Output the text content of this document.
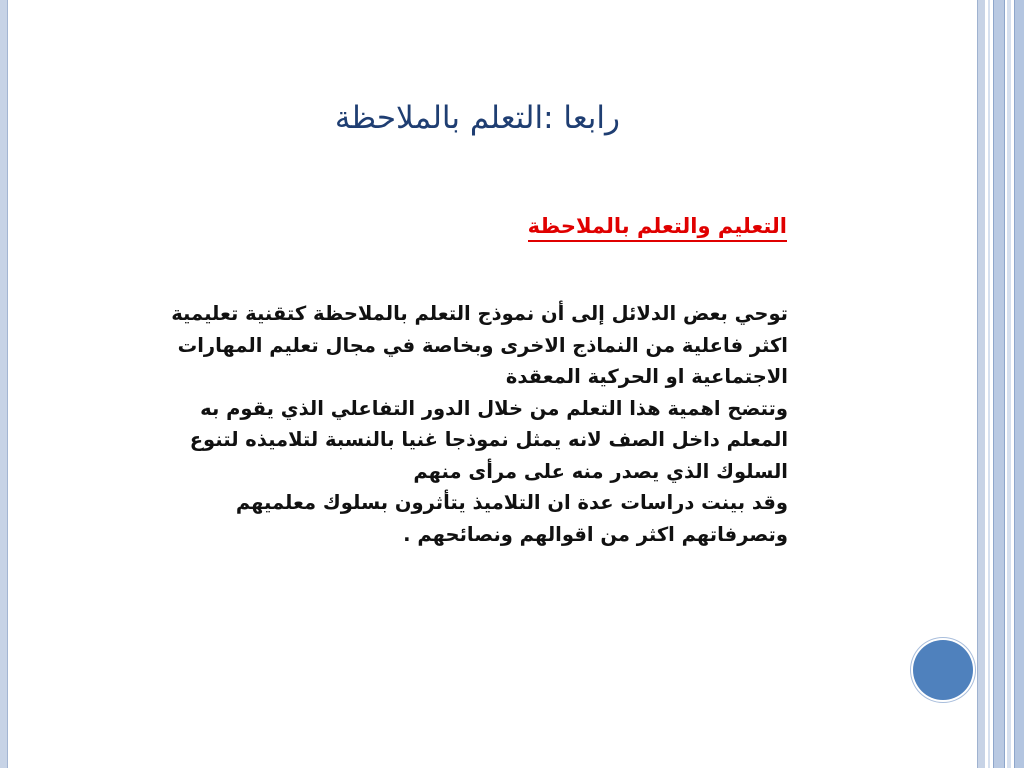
رابعا :التعلم بالملاحظة

التعليم والتعلم بالملاحظة

توحي بعض الدلائل إلى أن نموذج التعلم بالملاحظة كتقنية تعليمية
اكثر فاعلية من النماذج الاخرى وبخاصة في مجال تعليم المهارات
الاجتماعية او الحركية المعقدة
وتتضح اهمية هذا التعلم من خلال الدور التفاعلي الذي يقوم به
المعلم داخل الصف لانه يمثل نموذجا غنيا بالنسبة لتلاميذه لتنوع
السلوك الذي يصدر منه على مرأى منهم
وقد بينت دراسات عدة ان التلاميذ يتأثرون بسلوك معلميهم
وتصرفاتهم اكثر من اقوالهم ونصائحهم .
